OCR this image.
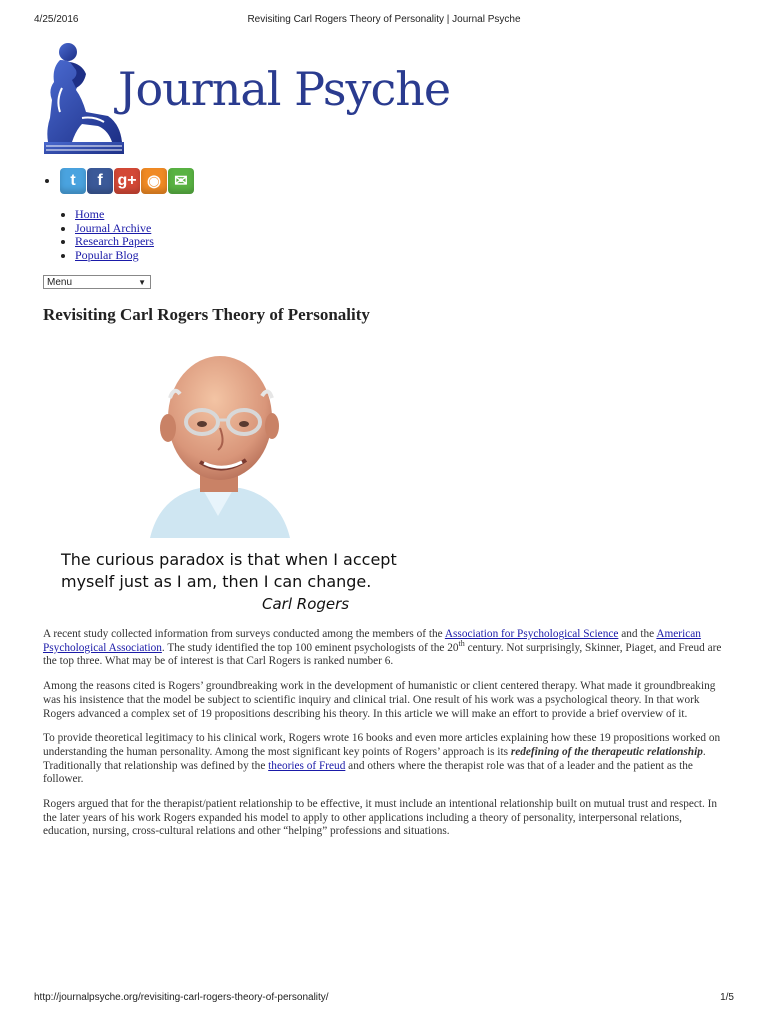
4/25/2016	Revisiting Carl Rogers Theory of Personality | Journal Psyche
Journal Psyche
• t	f g+ ◉ ✉
• Home
• Journal Archive
• Research Papers
• Popular Blog
Menu	▼
Revisiting Carl Rogers Theory of Personality
The curious paradox is that when I accept
myself just as I am, then I can change.
Carl Rogers

A recent study collected information from surveys conducted among the members of the Association for Psychological Science and the American Psychological Association. The study identified the top 100 eminent psychologists of the 20th century. Not surprisingly, Skinner, Piaget, and Freud are the top three. What may be of interest is that Carl Rogers is ranked number 6.

Among the reasons cited is Rogers’ groundbreaking work in the development of humanistic or client centered therapy. What made it groundbreaking was his insistence that the model be subject to scientific inquiry and clinical trial. One result of his work was a psychological theory. In that work Rogers advanced a complex set of 19 propositions describing his theory. In this article we will make an effort to provide a brief overview of it.

To provide theoretical legitimacy to his clinical work, Rogers wrote 16 books and even more articles explaining how these 19 propositions worked on understanding the human personality. Among the most significant key points of Rogers’ approach is its redefining of the therapeutic relationship. Traditionally that relationship was defined by the theories of Freud and others where the therapist role was that of a leader and the patient as the follower.

Rogers argued that for the therapist/patient relationship to be effective, it must include an intentional relationship built on mutual trust and respect. In the later years of his work Rogers expanded his model to apply to other applications including a theory of personality, interpersonal relations, education, nursing, cross-cultural relations and other “helping” professions and situations.

http://journalpsyche.org/revisiting-carl-rogers-theory-of-personality/	1/5
